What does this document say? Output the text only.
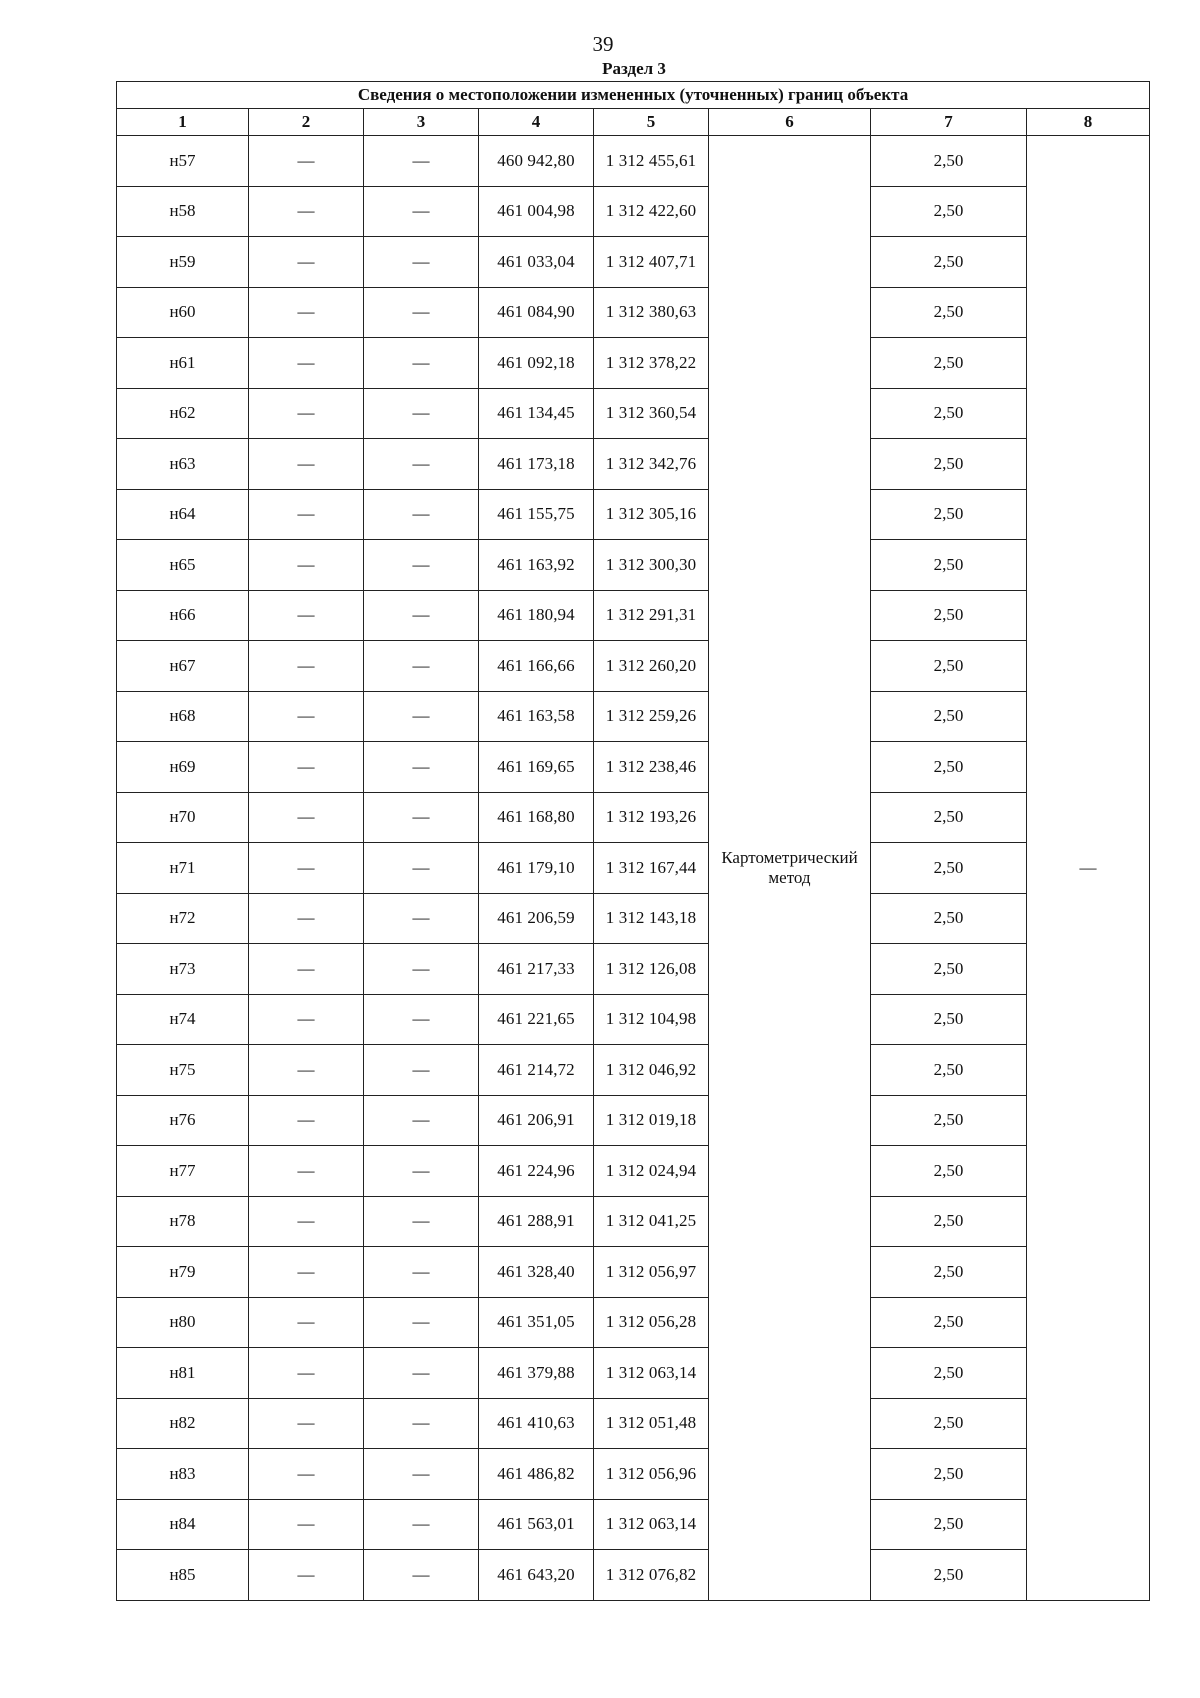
39
Раздел 3
Сведения о местоположении измененных (уточненных) границ объекта							
1	2	3	4	5	6	7	8
н57	—	—	460 942,80	1 312 455,61	Картометрический метод	2,50	—
н58	—	—	461 004,98	1 312 422,60		2,50	
н59	—	—	461 033,04	1 312 407,71		2,50	
н60	—	—	461 084,90	1 312 380,63		2,50	
н61	—	—	461 092,18	1 312 378,22		2,50	
н62	—	—	461 134,45	1 312 360,54		2,50	
н63	—	—	461 173,18	1 312 342,76		2,50	
н64	—	—	461 155,75	1 312 305,16		2,50	
н65	—	—	461 163,92	1 312 300,30		2,50	
н66	—	—	461 180,94	1 312 291,31		2,50	
н67	—	—	461 166,66	1 312 260,20		2,50	
н68	—	—	461 163,58	1 312 259,26		2,50	
н69	—	—	461 169,65	1 312 238,46		2,50	
н70	—	—	461 168,80	1 312 193,26		2,50	
н71	—	—	461 179,10	1 312 167,44		2,50	
н72	—	—	461 206,59	1 312 143,18		2,50	
н73	—	—	461 217,33	1 312 126,08		2,50	
н74	—	—	461 221,65	1 312 104,98		2,50	
н75	—	—	461 214,72	1 312 046,92		2,50	
н76	—	—	461 206,91	1 312 019,18		2,50	
н77	—	—	461 224,96	1 312 024,94		2,50	
н78	—	—	461 288,91	1 312 041,25		2,50	
н79	—	—	461 328,40	1 312 056,97		2,50	
н80	—	—	461 351,05	1 312 056,28		2,50	
н81	—	—	461 379,88	1 312 063,14		2,50	
н82	—	—	461 410,63	1 312 051,48		2,50	
н83	—	—	461 486,82	1 312 056,96		2,50	
н84	—	—	461 563,01	1 312 063,14		2,50	
н85	—	—	461 643,20	1 312 076,82		2,50	
